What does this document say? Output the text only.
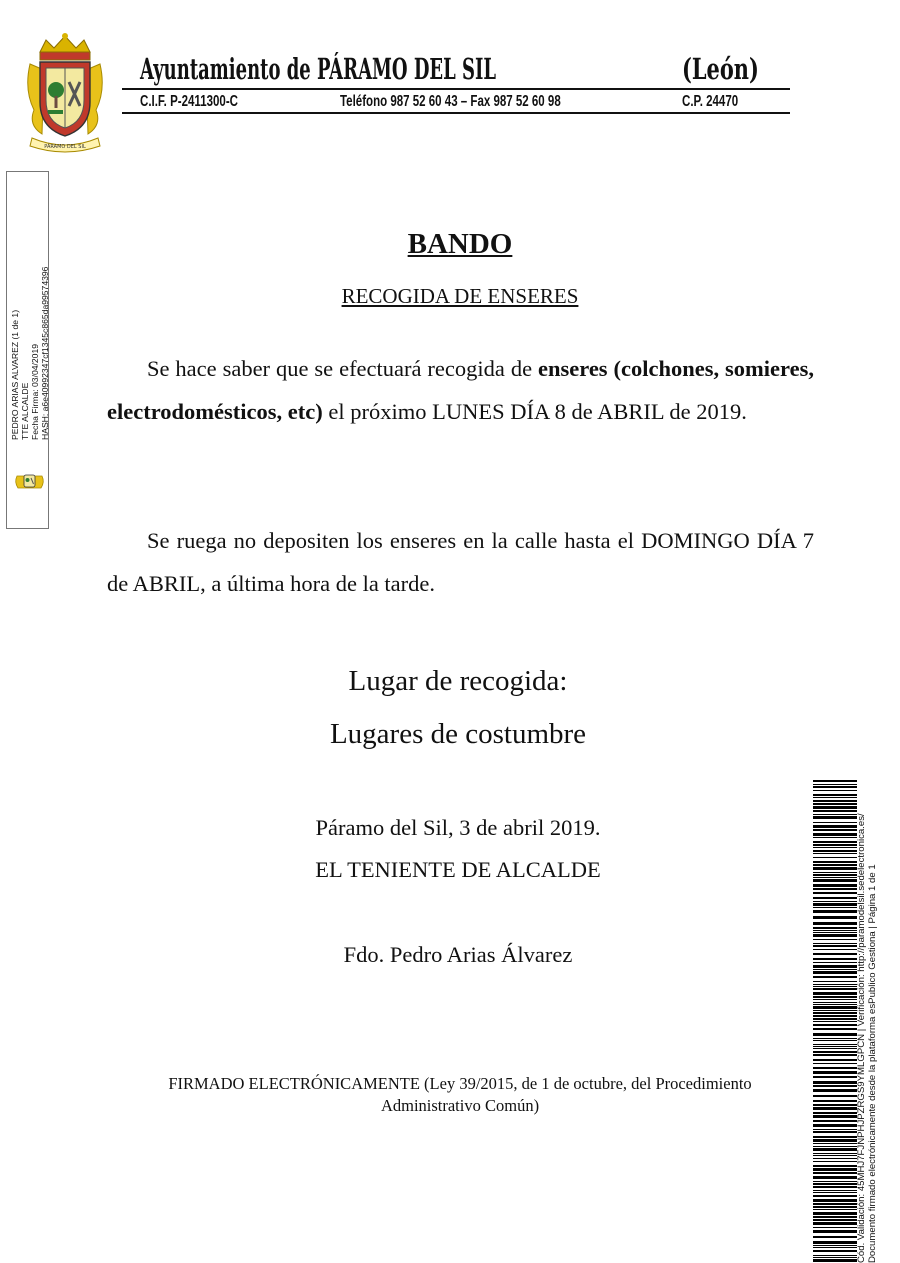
PÁRAMO DEL SIL
Ayuntamiento de PÁRAMO DEL SIL	(León)
C.I.F. P-2411300-C	Teléfono 987 52 60 43 – Fax 987 52 60 98	C.P. 24470
PEDRO ARIAS ALVAREZ (1 de 1) TTE ALCALDE Fecha Firma: 03/04/2019 HASH: a6e40992347cf1345c865da99574396
BANDO
RECOGIDA DE ENSERES

Se hace saber que se efectuará recogida de enseres (colchones, somieres, electrodomésticos, etc) el próximo LUNES DÍA 8 de ABRIL de 2019.

Se ruega no depositen los enseres en la calle hasta el DOMINGO DÍA 7 de ABRIL, a última hora de la tarde.

Lugar de recogida:
Lugares de costumbre
Páramo del Sil, 3 de abril 2019.
EL TENIENTE DE ALCALDE
Fdo. Pedro Arias Álvarez
FIRMADO ELECTRÓNICAMENTE (Ley 39/2015, de 1 de octubre, del Procedimiento Administrativo Común)	Cód. Validación: 45MHJ7FJNPHJPZRGS9YMLGPCN | Verificación: http://paramodelsil.sedelectronica.es/ Documento firmado electrónicamente desde la plataforma esPublico Gestiona | Página 1 de 1
